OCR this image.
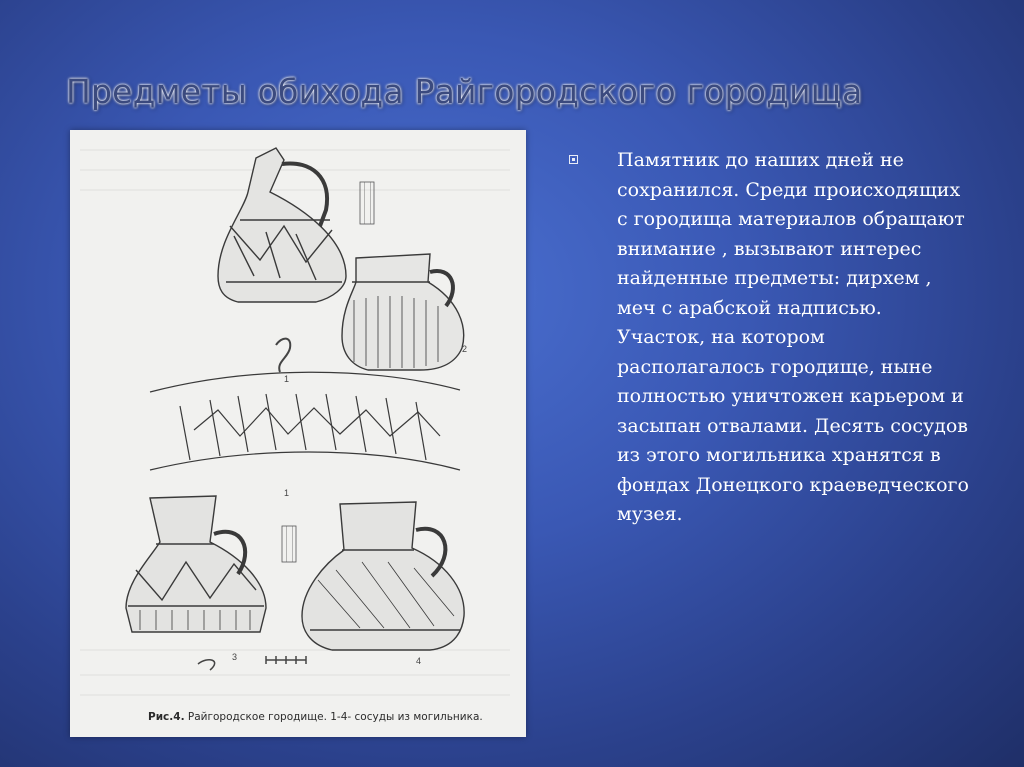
Предметы обихода Райгородского городища
1
2
1
3	4
Рис.4. Райгородское городище. 1-4- сосуды из могильника.
Памятник до наших дней не сохранился. Среди происходящих с городища материалов обращают внимание , вызывают интерес найденные предметы: дирхем , меч с арабской надписью. Участок, на котором располагалось городище, ныне полностью уничтожен карьером и засыпан отвалами. Десять сосудов из этого могильника хранятся в фондах Донецкого краеведческого музея.
